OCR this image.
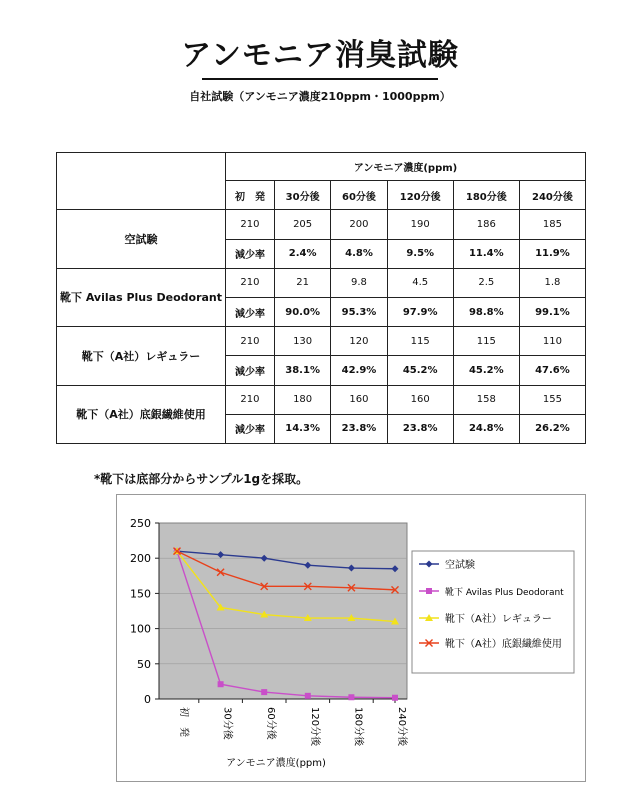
アンモニア消臭試験
自社試験（アンモニア濃度210ppm・1000ppm）
	アンモニア濃度(ppm)					
	初　発	30分後	60分後	120分後	180分後	240分後
空試験	210	205	200	190	186	185
	減少率	2.4%	4.8%	9.5%	11.4%	11.9%
靴下 Avilas Plus Deodorant	210	21	9.8	4.5	2.5	1.8
	減少率	90.0%	95.3%	97.9%	98.8%	99.1%
靴下（A社）レギュラー	210	130	120	115	115	110
	減少率	38.1%	42.9%	45.2%	45.2%	47.6%
靴下（A社）底銀繊維使用	210	180	160	160	158	155
	減少率	14.3%	23.8%	23.8%	24.8%	26.2%
*靴下は底部分からサンプル1gを採取。
0
50
100
150
200
250
初　発	30分後	60分後	120分後	180分後	240分後
空試験
靴下 Avilas Plus Deodorant
靴下（A社）レギュラー
靴下（A社）底銀繊維使用
アンモニア濃度(ppm)
